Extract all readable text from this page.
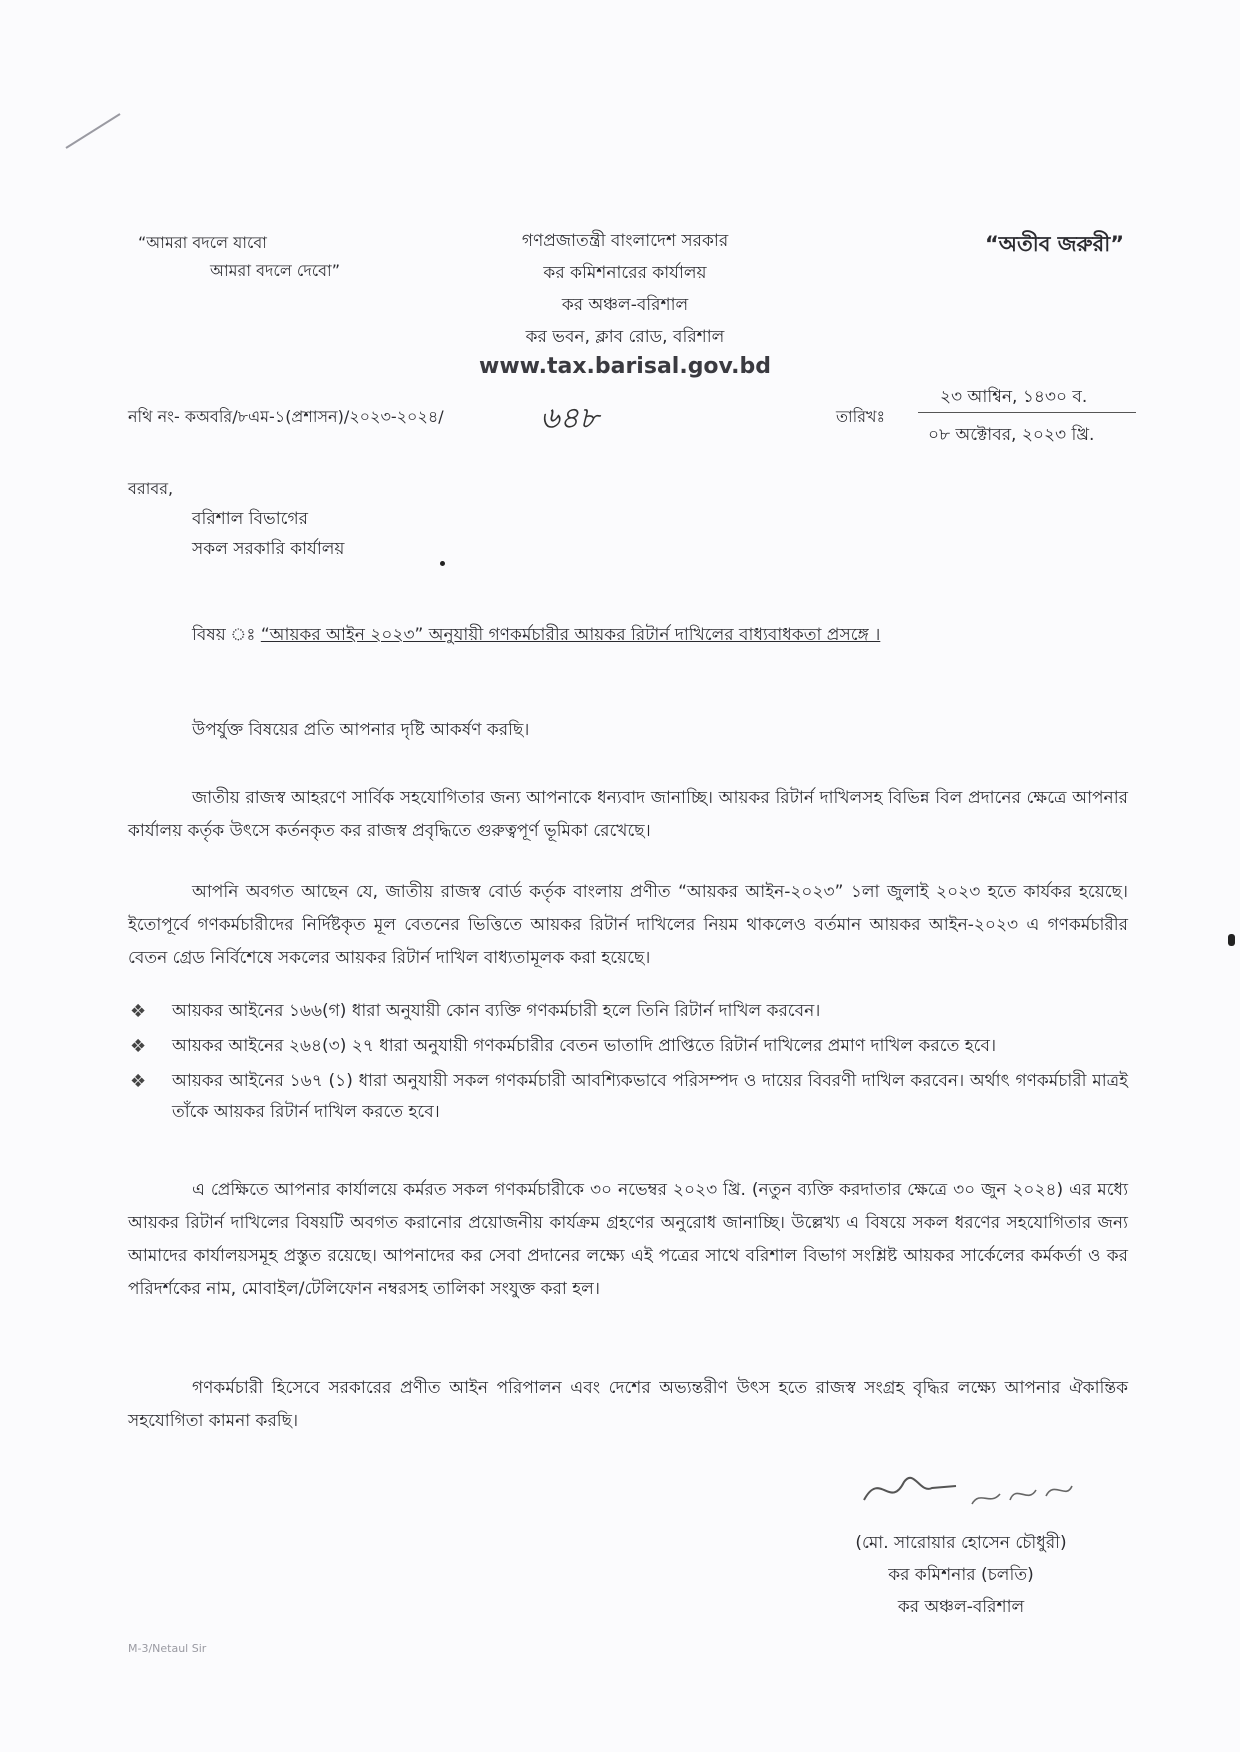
“আমরা বদলে যাবো
আমরা বদলে দেবো”
গণপ্রজাতন্ত্রী বাংলাদেশ সরকার
কর কমিশনারের কার্যালয়
কর অঞ্চল-বরিশাল
কর ভবন, ক্লাব রোড, বরিশাল
www.tax.barisal.gov.bd
“অতীব জরুরী”
নথি নং- কঅবরি/৮এম-১(প্রশাসন)/২০২৩-২০২৪/	৬৪৮	তারিখঃ
২৩ আশ্বিন, ১৪৩০ ব.
০৮ অক্টোবর, ২০২৩ খ্রি.
বরাবর,
বরিশাল বিভাগের
সকল সরকারি কার্যালয়
বিষয় ঃ “আয়কর আইন ২০২৩” অনুযায়ী গণকর্মচারীর আয়কর রিটার্ন দাখিলের বাধ্যবাধকতা প্রসঙ্গে ।
উপর্যুক্ত বিষয়ের প্রতি আপনার দৃষ্টি আকর্ষণ করছি।
জাতীয় রাজস্ব আহরণে সার্বিক সহযোগিতার জন্য আপনাকে ধন্যবাদ জানাচ্ছি। আয়কর রিটার্ন দাখিলসহ বিভিন্ন বিল প্রদানের ক্ষেত্রে আপনার কার্যালয় কর্তৃক উৎসে কর্তনকৃত কর রাজস্ব প্রবৃদ্ধিতে গুরুত্বপূর্ণ ভূমিকা রেখেছে।
আপনি অবগত আছেন যে, জাতীয় রাজস্ব বোর্ড কর্তৃক বাংলায় প্রণীত “আয়কর আইন-২০২৩” ১লা জুলাই ২০২৩ হতে কার্যকর হয়েছে। ইতোপূর্বে গণকর্মচারীদের নির্দিষ্টকৃত মূল বেতনের ভিত্তিতে আয়কর রিটার্ন দাখিলের নিয়ম থাকলেও বর্তমান আয়কর আইন-২০২৩ এ গণকর্মচারীর বেতন গ্রেড নির্বিশেষে সকলের আয়কর রিটার্ন দাখিল বাধ্যতামূলক করা হয়েছে।
❖ আয়কর আইনের ১৬৬(গ) ধারা অনুযায়ী কোন ব্যক্তি গণকর্মচারী হলে তিনি রিটার্ন দাখিল করবেন।
❖ আয়কর আইনের ২৬৪(৩) ২৭ ধারা অনুযায়ী গণকর্মচারীর বেতন ভাতাদি প্রাপ্তিতে রিটার্ন দাখিলের প্রমাণ দাখিল করতে হবে।
❖ আয়কর আইনের ১৬৭ (১) ধারা অনুযায়ী সকল গণকর্মচারী আবশ্যিকভাবে পরিসম্পদ ও দায়ের বিবরণী দাখিল করবেন। অর্থাৎ গণকর্মচারী মাত্রই তাঁকে আয়কর রিটার্ন দাখিল করতে হবে।
এ প্রেক্ষিতে আপনার কার্যালয়ে কর্মরত সকল গণকর্মচারীকে ৩০ নভেম্বর ২০২৩ খ্রি. (নতুন ব্যক্তি করদাতার ক্ষেত্রে ৩০ জুন ২০২৪) এর মধ্যে আয়কর রিটার্ন দাখিলের বিষয়টি অবগত করানোর প্রয়োজনীয় কার্যক্রম গ্রহণের অনুরোধ জানাচ্ছি। উল্লেখ্য এ বিষয়ে সকল ধরণের সহযোগিতার জন্য আমাদের কার্যালয়সমূহ প্রস্তুত রয়েছে। আপনাদের কর সেবা প্রদানের লক্ষ্যে এই পত্রের সাথে বরিশাল বিভাগ সংশ্লিষ্ট আয়কর সার্কেলের কর্মকর্তা ও কর পরিদর্শকের নাম, মোবাইল/টেলিফোন নম্বরসহ তালিকা সংযুক্ত করা হল।
গণকর্মচারী হিসেবে সরকারের প্রণীত আইন পরিপালন এবং দেশের অভ্যন্তরীণ উৎস হতে রাজস্ব সংগ্রহ বৃদ্ধির লক্ষ্যে আপনার ঐকান্তিক সহযোগিতা কামনা করছি।
(মো. সারোয়ার হোসেন চৌধুরী)
কর কমিশনার (চলতি)
কর অঞ্চল-বরিশাল
M-3/Netaul Sir
